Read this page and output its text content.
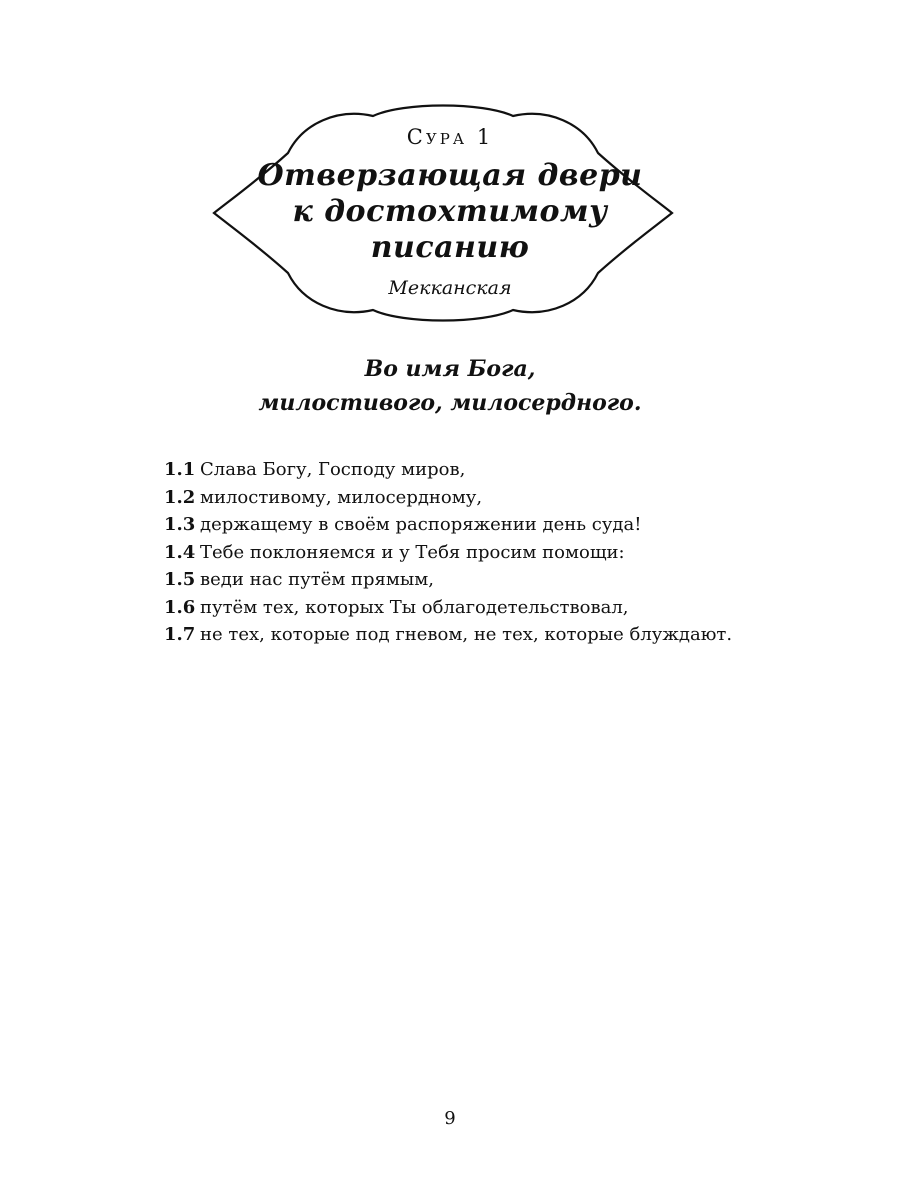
Сура 1
Отверзающая двери
к достохтимому
писанию
Мекканская
Во имя Бога,
милостивого, милосердного.
1.1 Слава Богу, Господу миров,
1.2 милостивому, милосердному,
1.3 держащему в своём распоряжении день суда!
1.4 Тебе поклоняемся и у Тебя просим помощи:
1.5 веди нас путём прямым,
1.6 путём тех, которых Ты облагодетельствовал,
1.7 не тех, которые под гневом, не тех, которые блуждают.
9
